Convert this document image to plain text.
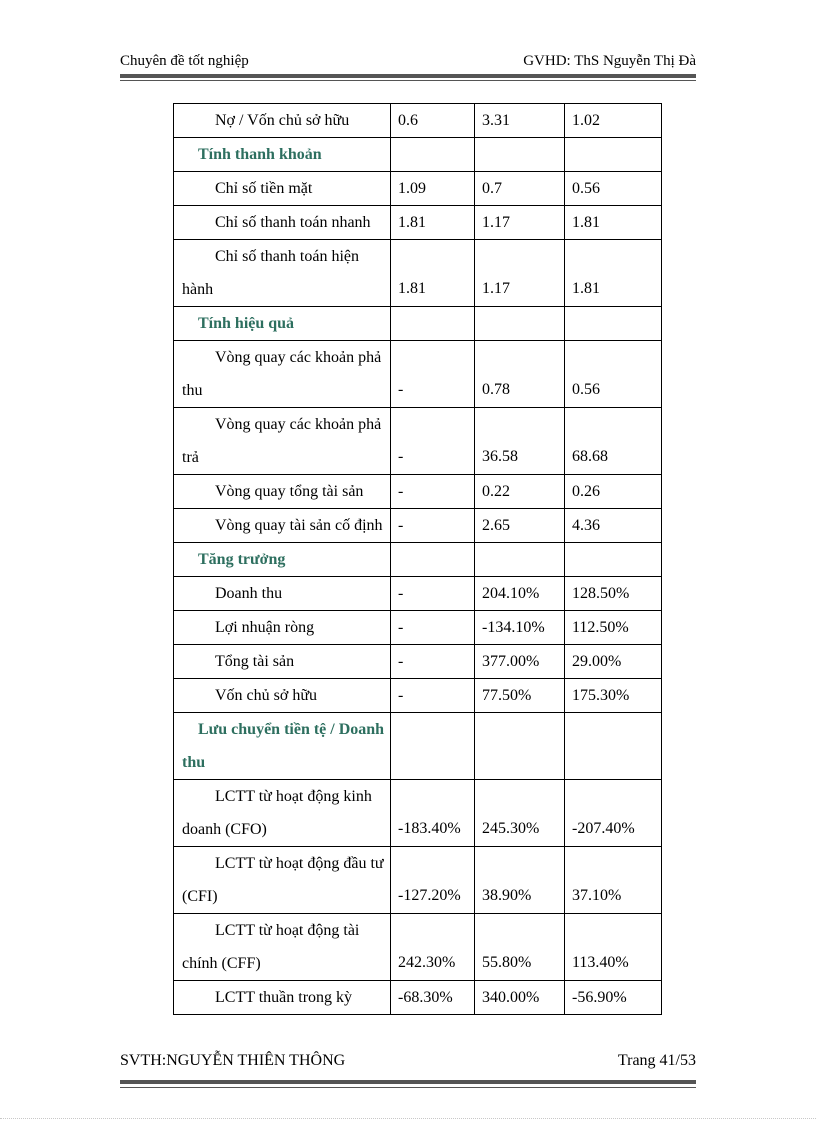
Chuyên đề tốt nghiệp	GVHD: ThS Nguyễn Thị Đà
Nợ / Vốn chủ sở hữu	0.6	3.31	1.02

Tính thanh khoản			

Chỉ số tiền mặt	1.09	0.7	0.56

Chỉ số thanh toán nhanh	1.81	1.17	1.81

Chỉ số thanh toán hiện
hành	1.81	1.17	1.81

Tính hiệu quả			

Vòng quay các khoản phả
thu	-	0.78	0.56

Vòng quay các khoản phả
trả	-	36.58	68.68

Vòng quay tổng tài sản	-	0.22	0.26

Vòng quay tài sản cố định	-	2.65	4.36

Tăng trưởng			

Doanh thu	-	204.10%	128.50%

Lợi nhuận ròng	-	-134.10%	112.50%

Tổng tài sản	-	377.00%	29.00%

Vốn chủ sở hữu	-	77.50%	175.30%

Lưu chuyển tiền tệ / Doanh
thu			

LCTT từ hoạt động kinh
doanh (CFO)	-183.40%	245.30%	-207.40%

LCTT từ hoạt động đầu tư
(CFI)	-127.20%	38.90%	37.10%

LCTT từ hoạt động tài
chính (CFF)	242.30%	55.80%	113.40%

LCTT thuần trong kỳ	-68.30%	340.00%	-56.90%
SVTH:NGUYỄN THIÊN THÔNG	Trang 41/53
